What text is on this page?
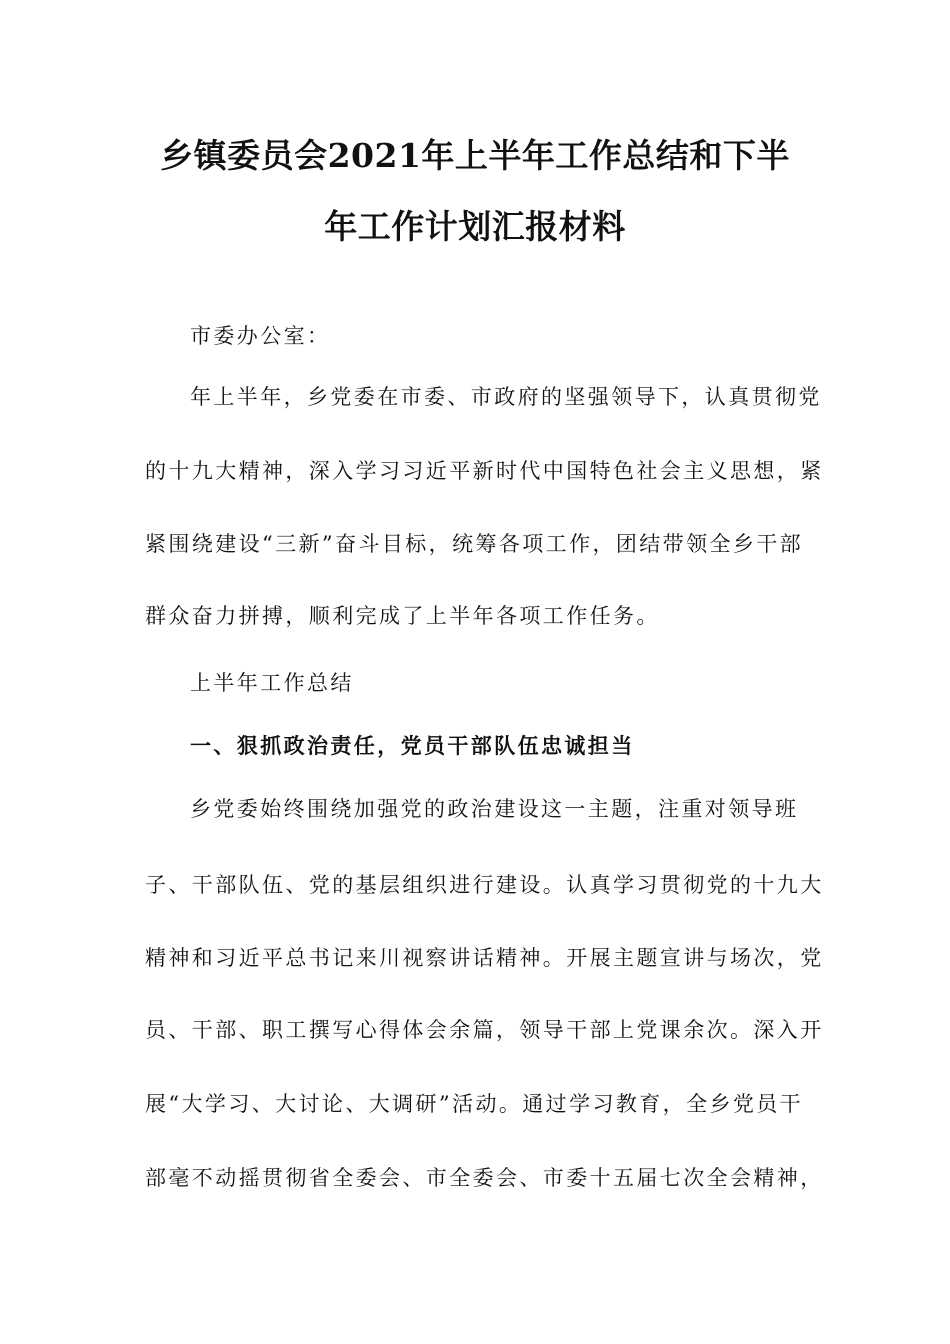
乡镇委员会2021年上半年工作总结和下半
年工作计划汇报材料
市委办公室：
年上半年，乡党委在市委、市政府的坚强领导下，认真贯彻党
的十九大精神，深入学习习近平新时代中国特色社会主义思想，紧
紧围绕建设“三新”奋斗目标，统筹各项工作，团结带领全乡干部
群众奋力拼搏，顺利完成了上半年各项工作任务。
上半年工作总结
一、狠抓政治责任，党员干部队伍忠诚担当
乡党委始终围绕加强党的政治建设这一主题，注重对领导班
子、干部队伍、党的基层组织进行建设。认真学习贯彻党的十九大
精神和习近平总书记来川视察讲话精神。开展主题宣讲与场次，党
员、干部、职工撰写心得体会余篇，领导干部上党课余次。深入开
展“大学习、大讨论、大调研”活动。通过学习教育，全乡党员干
部毫不动摇贯彻省全委会、市全委会、市委十五届七次全会精神，
